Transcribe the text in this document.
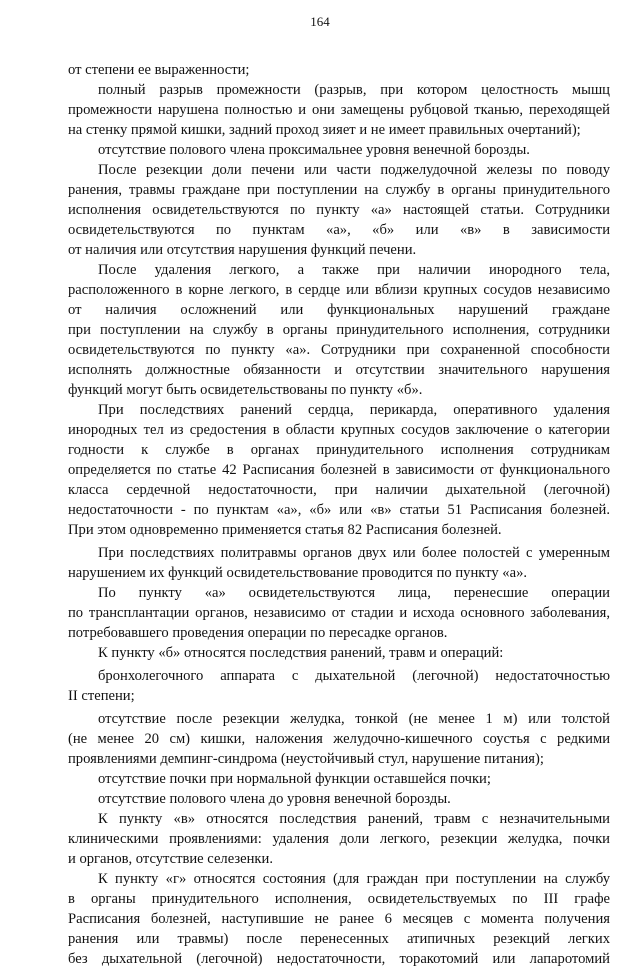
164
от степени ее выраженности;
полный разрыв промежности (разрыв, при котором целостность мышц
промежности нарушена полностью и они замещены рубцовой тканью, переходящей
на стенку прямой кишки, задний проход зияет и не имеет правильных очертаний);
отсутствие полового члена проксимальнее уровня венечной борозды.
После резекции доли печени или части поджелудочной железы по поводу
ранения, травмы граждане при поступлении на службу в органы принудительного
исполнения освидетельствуются по пункту «а» настоящей статьи. Сотрудники
освидетельствуются по пунктам «а», «б» или «в» в зависимости
от наличия или отсутствия нарушения функций печени.
После удаления легкого, а также при наличии инородного тела,
расположенного в корне легкого, в сердце или вблизи крупных сосудов независимо
от наличия осложнений или функциональных нарушений граждане
при поступлении на службу в органы принудительного исполнения, сотрудники
освидетельствуются по пункту «а». Сотрудники при сохраненной способности
исполнять должностные обязанности и отсутствии значительного нарушения
функций могут быть освидетельствованы по пункту «б».
При последствиях ранений сердца, перикарда, оперативного удаления
инородных тел из средостения в области крупных сосудов заключение о категории
годности к службе в органах принудительного исполнения сотрудникам
определяется по статье 42 Расписания болезней в зависимости от функционального
класса сердечной недостаточности, при наличии дыхательной (легочной)
недостаточности - по пунктам «а», «б» или «в» статьи 51 Расписания болезней.
При этом одновременно применяется статья 82 Расписания болезней.
При последствиях политравмы органов двух или более полостей с умеренным
нарушением их функций освидетельствование проводится по пункту «а».
По пункту «а» освидетельствуются лица, перенесшие операции
по трансплантации органов, независимо от стадии и исхода основного заболевания,
потребовавшего проведения операции по пересадке органов.
К пункту «б» относятся последствия ранений, травм и операций:
бронхолегочного аппарата с дыхательной (легочной) недостаточностью
II степени;
отсутствие после резекции желудка, тонкой (не менее 1 м) или толстой
(не менее 20 см) кишки, наложения желудочно-кишечного соустья с редкими
проявлениями демпинг-синдрома (неустойчивый стул, нарушение питания);
отсутствие почки при нормальной функции оставшейся почки;
отсутствие полового члена до уровня венечной борозды.
К пункту «в» относятся последствия ранений, травм с незначительными
клиническими проявлениями: удаления доли легкого, резекции желудка, почки
и органов, отсутствие селезенки.
К пункту «г» относятся состояния (для граждан при поступлении на службу
в органы принудительного исполнения, освидетельствуемых по III графе
Расписания болезней, наступившие не ранее 6 месяцев с момента получения
ранения или травмы) после перенесенных атипичных резекций легких
без дыхательной (легочной) недостаточности, торакотомий или лапаротомий
